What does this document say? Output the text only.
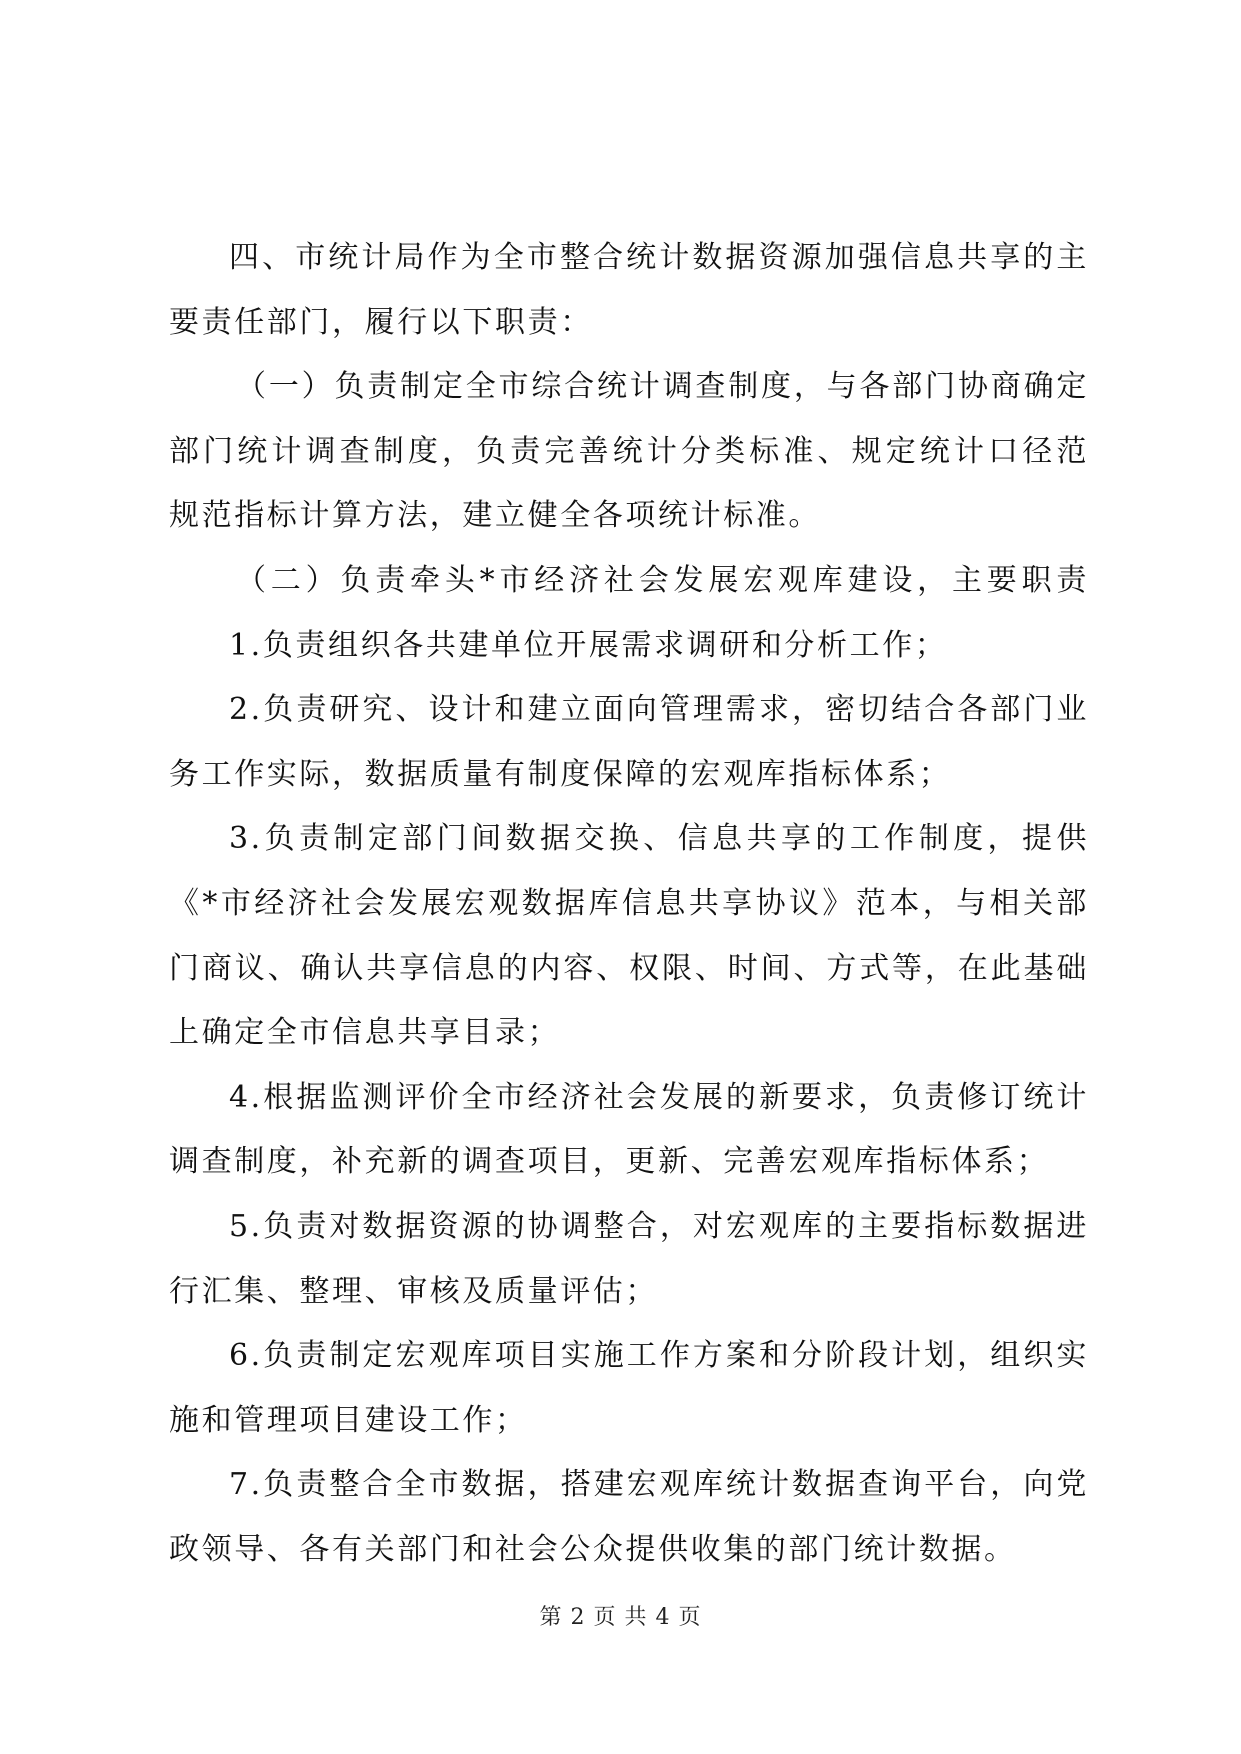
四、市统计局作为全市整合统计数据资源加强信息共享的主
要责任部门，履行以下职责：
（一）负责制定全市综合统计调查制度，与各部门协商确定
部门统计调查制度，负责完善统计分类标准、规定统计口径范
规范指标计算方法，建立健全各项统计标准。
（二）负责牵头*市经济社会发展宏观库建设，主要职责
1.负责组织各共建单位开展需求调研和分析工作；
2.负责研究、设计和建立面向管理需求，密切结合各部门业
务工作实际，数据质量有制度保障的宏观库指标体系；
3.负责制定部门间数据交换、信息共享的工作制度，提供
《*市经济社会发展宏观数据库信息共享协议》范本，与相关部
门商议、确认共享信息的内容、权限、时间、方式等，在此基础
上确定全市信息共享目录；
4.根据监测评价全市经济社会发展的新要求，负责修订统计
调查制度，补充新的调查项目，更新、完善宏观库指标体系；
5.负责对数据资源的协调整合，对宏观库的主要指标数据进
行汇集、整理、审核及质量评估；
6.负责制定宏观库项目实施工作方案和分阶段计划，组织实
施和管理项目建设工作；
7.负责整合全市数据，搭建宏观库统计数据查询平台，向党
政领导、各有关部门和社会公众提供收集的部门统计数据。
第 2 页 共 4 页
